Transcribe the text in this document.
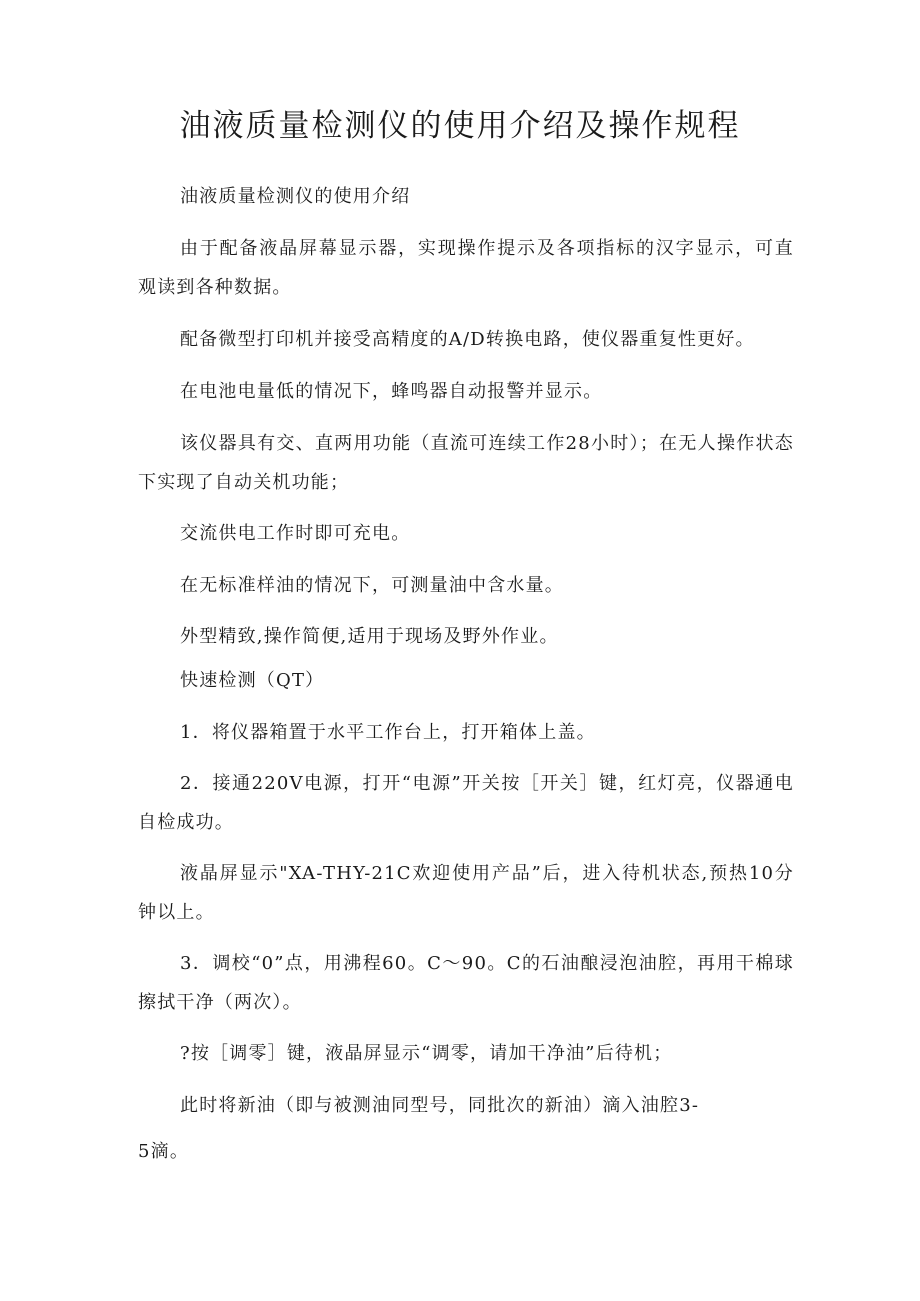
油液质量检测仪的使用介绍及操作规程

油液质量检测仪的使用介绍

由于配备液晶屏幕显示器，实现操作提示及各项指标的汉字显示，可直观读到各种数据。

配备微型打印机并接受高精度的A/D转换电路，使仪器重复性更好。

在电池电量低的情况下，蜂鸣器自动报警并显示。

该仪器具有交、直两用功能（直流可连续工作28小时）；在无人操作状态下实现了自动关机功能；

交流供电工作时即可充电。

在无标准样油的情况下，可测量油中含水量。

外型精致,操作简便,适用于现场及野外作业。

快速检测（QT）

1．将仪器箱置于水平工作台上，打开箱体上盖。

2．接通220V电源，打开“电源”开关按［开关］键，红灯亮，仪器通电自检成功。

液晶屏显示"XA-THY-21C欢迎使用产品”后，进入待机状态,预热10分钟以上。

3．调校“0”点，用沸程60。C～90。C的石油酿浸泡油腔，再用干棉球擦拭干净（两次）。

?按［调零］键，液晶屏显示“调零，请加干净油”后待机；

此时将新油（即与被测油同型号，同批次的新油）滴入油腔3-

5滴。
